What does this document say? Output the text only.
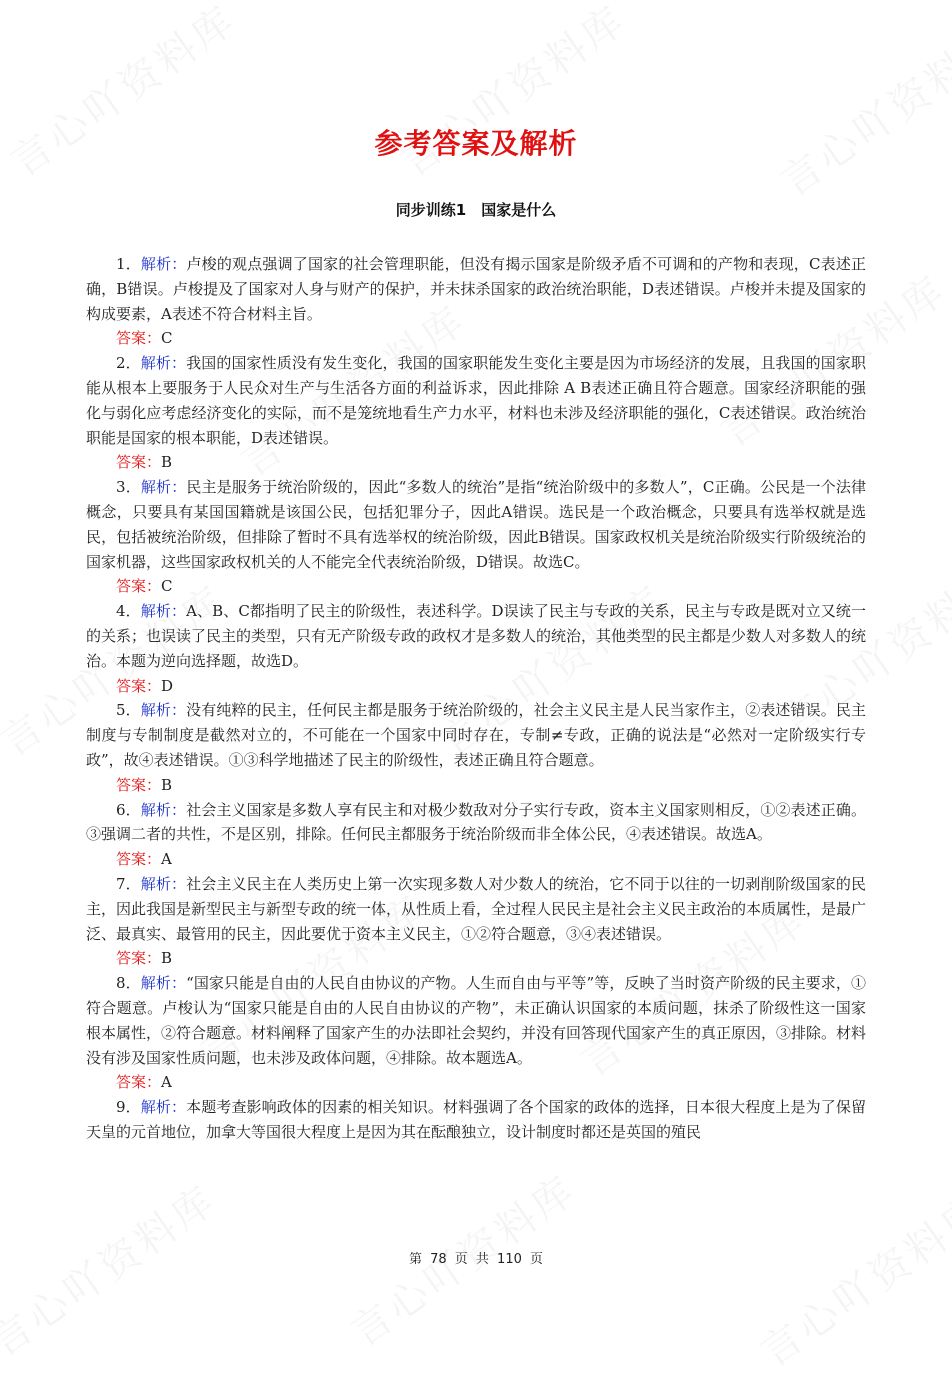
参考答案及解析
同步训练1　国家是什么

1．解析：卢梭的观点强调了国家的社会管理职能，但没有揭示国家是阶级矛盾不可调和的产物和表现，C表述正确，B错误。卢梭提及了国家对人身与财产的保护，并未抹杀国家的政治统治职能，D表述错误。卢梭并未提及国家的构成要素，A表述不符合材料主旨。

答案：C

2．解析：我国的国家性质没有发生变化，我国的国家职能发生变化主要是因为市场经济的发展，且我国的国家职能从根本上要服务于人民众对生产与生活各方面的利益诉求，因此排除 A B表述正确且符合题意。国家经济职能的强化与弱化应考虑经济变化的实际，而不是笼统地看生产力水平，材料也未涉及经济职能的强化，C表述错误。政治统治职能是国家的根本职能，D表述错误。

答案：B

3．解析：民主是服务于统治阶级的，因此“多数人的统治”是指“统治阶级中的多数人”，C正确。公民是一个法律概念，只要具有某国国籍就是该国公民，包括犯罪分子，因此A错误。选民是一个政治概念，只要具有选举权就是选民，包括被统治阶级，但排除了暂时不具有选举权的统治阶级，因此B错误。国家政权机关是统治阶级实行阶级统治的国家机器，这些国家政权机关的人不能完全代表统治阶级，D错误。故选C。

答案：C

4．解析：A、B、C都指明了民主的阶级性，表述科学。D误读了民主与专政的关系，民主与专政是既对立又统一的关系；也误读了民主的类型，只有无产阶级专政的政权才是多数人的统治，其他类型的民主都是少数人对多数人的统治。本题为逆向选择题，故选D。

答案：D

5．解析：没有纯粹的民主，任何民主都是服务于统治阶级的，社会主义民主是人民当家作主，②表述错误。民主制度与专制制度是截然对立的，不可能在一个国家中同时存在，专制≠专政，正确的说法是“必然对一定阶级实行专政”，故④表述错误。①③科学地描述了民主的阶级性，表述正确且符合题意。

答案：B

6．解析：社会主义国家是多数人享有民主和对极少数敌对分子实行专政，资本主义国家则相反，①②表述正确。③强调二者的共性，不是区别，排除。任何民主都服务于统治阶级而非全体公民，④表述错误。故选A。

答案：A

7．解析：社会主义民主在人类历史上第一次实现多数人对少数人的统治，它不同于以往的一切剥削阶级国家的民主，因此我国是新型民主与新型专政的统一体，从性质上看，全过程人民民主是社会主义民主政治的本质属性，是最广泛、最真实、最管用的民主，因此要优于资本主义民主，①②符合题意，③④表述错误。

答案：B

8．解析：“国家只能是自由的人民自由协议的产物。人生而自由与平等”等，反映了当时资产阶级的民主要求，①符合题意。卢梭认为“国家只能是自由的人民自由协议的产物”，未正确认识国家的本质问题，抹杀了阶级性这一国家根本属性，②符合题意。材料阐释了国家产生的办法即社会契约，并没有回答现代国家产生的真正原因，③排除。材料没有涉及国家性质问题，也未涉及政体问题，④排除。故本题选A。

答案：A

9．解析：本题考查影响政体的因素的相关知识。材料强调了各个国家的政体的选择，日本很大程度上是为了保留天皇的元首地位，加拿大等国很大程度上是因为其在酝酿独立，设计制度时都还是英国的殖民

第 78 页 共 110 页
